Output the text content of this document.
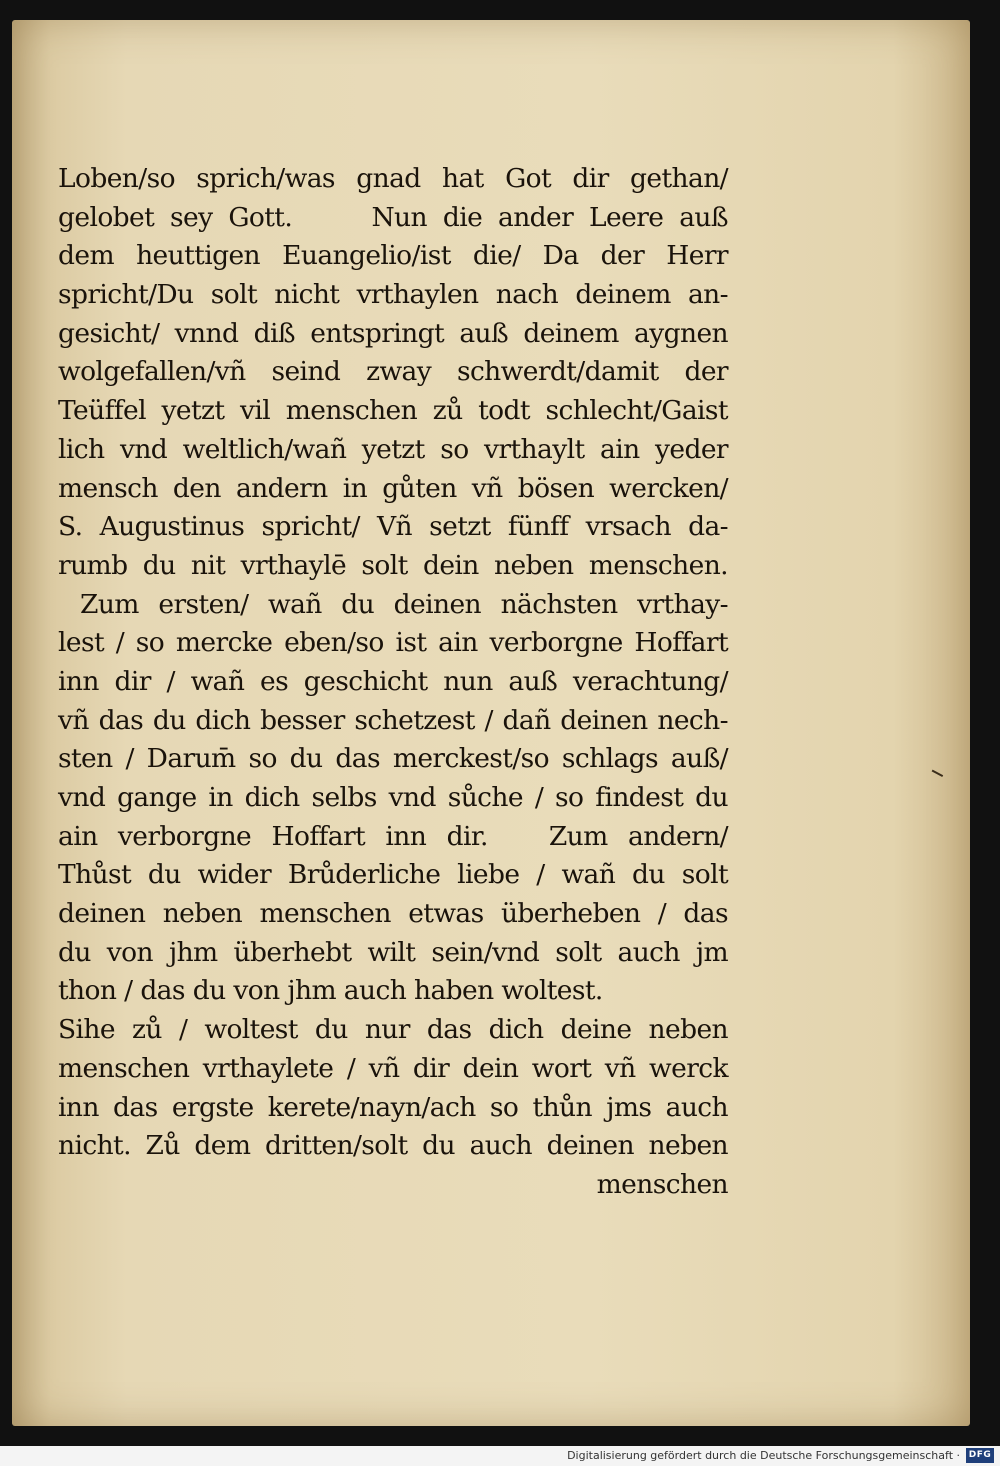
Loben/so sprich/was gnad hat Got dir gethan/
gelobet sey Gott.     Nun die ander Leere auß
dem heuttigen Euangelio/ist die/ Da der Herr
spricht/Du solt nicht vrthaylen nach deinem an-
gesicht/ vnnd diß entspringt auß deinem aygnen
wolgefallen/vñ seind zway schwerdt/damit der
Teüffel yetzt vil menschen zů todt schlecht/Gaist
lich vnd weltlich/wañ yetzt so vrthaylt ain yeder
mensch den andern in gůten vñ bösen wercken/
S. Augustinus spricht/ Vñ setzt fünff vrsach da-
rumb du nit vrthaylē solt dein neben menschen.
Zum ersten/ wañ du deinen nächsten vrthay-
lest / so mercke eben/so ist ain verborgne Hoffart
inn dir / wañ es geschicht nun auß verachtung/
vñ das du dich besser schetzest / dañ deinen nech-
sten / Darum̄ so du das merckest/so schlags auß/
vnd gange in dich selbs vnd sůche / so findest du
ain verborgne Hoffart inn dir.   Zum andern/
Thůst du wider Brůderliche liebe / wañ du solt
deinen neben menschen etwas überheben / das
du von jhm überhebt wilt sein/vnd solt auch jm
thon / das du von jhm auch haben woltest.
Sihe zů / woltest du nur das dich deine neben
menschen vrthaylete / vñ dir dein wort vñ werck
inn das ergste kerete/nayn/ach so thůn jms auch
nicht. Zů dem dritten/solt du auch deinen neben
menschen
Digitalisierung gefördert durch die Deutsche Forschungsgemeinschaft · DFG
